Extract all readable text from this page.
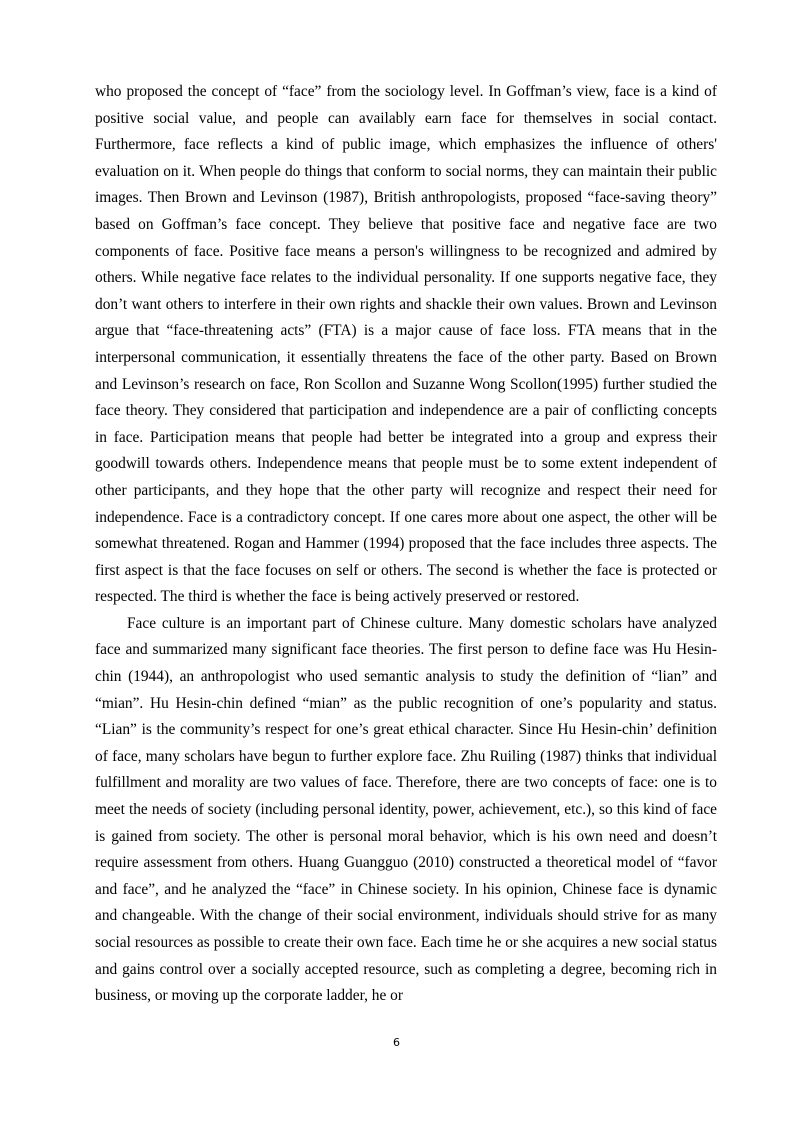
who proposed the concept of “face” from the sociology level. In Goffman’s view, face is a kind of positive social value, and people can availably earn face for themselves in social contact. Furthermore, face reflects a kind of public image, which emphasizes the influence of others' evaluation on it. When people do things that conform to social norms, they can maintain their public images. Then Brown and Levinson (1987), British anthropologists, proposed “face-saving theory” based on Goffman’s face concept. They believe that positive face and negative face are two components of face. Positive face means a person's willingness to be recognized and admired by others. While negative face relates to the individual personality. If one supports negative face, they don’t want others to interfere in their own rights and shackle their own values. Brown and Levinson argue that “face-threatening acts” (FTA) is a major cause of face loss. FTA means that in the interpersonal communication, it essentially threatens the face of the other party. Based on Brown and Levinson’s research on face, Ron Scollon and Suzanne Wong Scollon(1995) further studied the face theory. They considered that participation and independence are a pair of conflicting concepts in face. Participation means that people had better be integrated into a group and express their goodwill towards others. Independence means that people must be to some extent independent of other participants, and they hope that the other party will recognize and respect their need for independence. Face is a contradictory concept. If one cares more about one aspect, the other will be somewhat threatened. Rogan and Hammer (1994) proposed that the face includes three aspects. The first aspect is that the face focuses on self or others. The second is whether the face is protected or respected. The third is whether the face is being actively preserved or restored.

Face culture is an important part of Chinese culture. Many domestic scholars have analyzed face and summarized many significant face theories. The first person to define face was Hu Hesin-chin (1944), an anthropologist who used semantic analysis to study the definition of “lian” and “mian”. Hu Hesin-chin defined “mian” as the public recognition of one’s popularity and status. “Lian” is the community’s respect for one’s great ethical character. Since Hu Hesin-chin’ definition of face, many scholars have begun to further explore face. Zhu Ruiling (1987) thinks that individual fulfillment and morality are two values of face. Therefore, there are two concepts of face: one is to meet the needs of society (including personal identity, power, achievement, etc.), so this kind of face is gained from society. The other is personal moral behavior, which is his own need and doesn’t require assessment from others. Huang Guangguo (2010) constructed a theoretical model of “favor and face”, and he analyzed the “face” in Chinese society. In his opinion, Chinese face is dynamic and changeable. With the change of their social environment, individuals should strive for as many social resources as possible to create their own face. Each time he or she acquires a new social status and gains control over a socially accepted resource, such as completing a degree, becoming rich in business, or moving up the corporate ladder, he or

6
